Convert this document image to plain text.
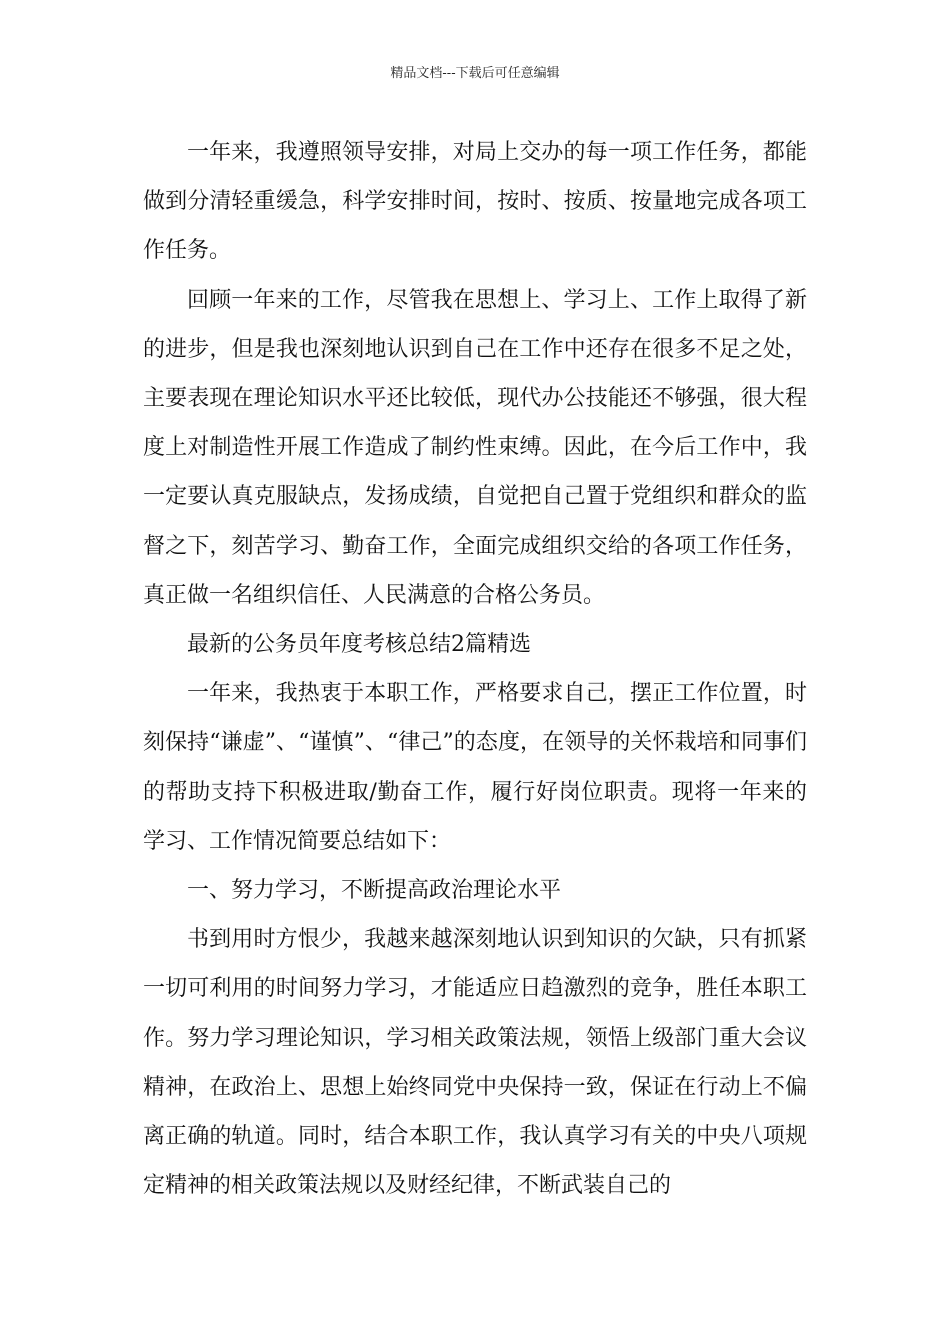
精品文档---下载后可任意编辑

一年来，我遵照领导安排，对局上交办的每一项工作任务，都能做到分清轻重缓急，科学安排时间，按时、按质、按量地完成各项工作任务。

回顾一年来的工作，尽管我在思想上、学习上、工作上取得了新的进步，但是我也深刻地认识到自己在工作中还存在很多不足之处，主要表现在理论知识水平还比较低，现代办公技能还不够强，很大程度上对制造性开展工作造成了制约性束缚。因此，在今后工作中，我一定要认真克服缺点，发扬成绩，自觉把自己置于党组织和群众的监督之下，刻苦学习、勤奋工作，全面完成组织交给的各项工作任务，真正做一名组织信任、人民满意的合格公务员。

最新的公务员年度考核总结2篇精选

一年来，我热衷于本职工作，严格要求自己，摆正工作位置，时刻保持“谦虚”、“谨慎”、“律己”的态度，在领导的关怀栽培和同事们的帮助支持下积极进取/勤奋工作，履行好岗位职责。现将一年来的学习、工作情况简要总结如下：

一、努力学习，不断提高政治理论水平

书到用时方恨少，我越来越深刻地认识到知识的欠缺，只有抓紧一切可利用的时间努力学习，才能适应日趋激烈的竞争，胜任本职工作。努力学习理论知识，学习相关政策法规，领悟上级部门重大会议精神，在政治上、思想上始终同党中央保持一致，保证在行动上不偏离正确的轨道。同时，结合本职工作，我认真学习有关的中央八项规定精神的相关政策法规以及财经纪律，不断武装自己的
